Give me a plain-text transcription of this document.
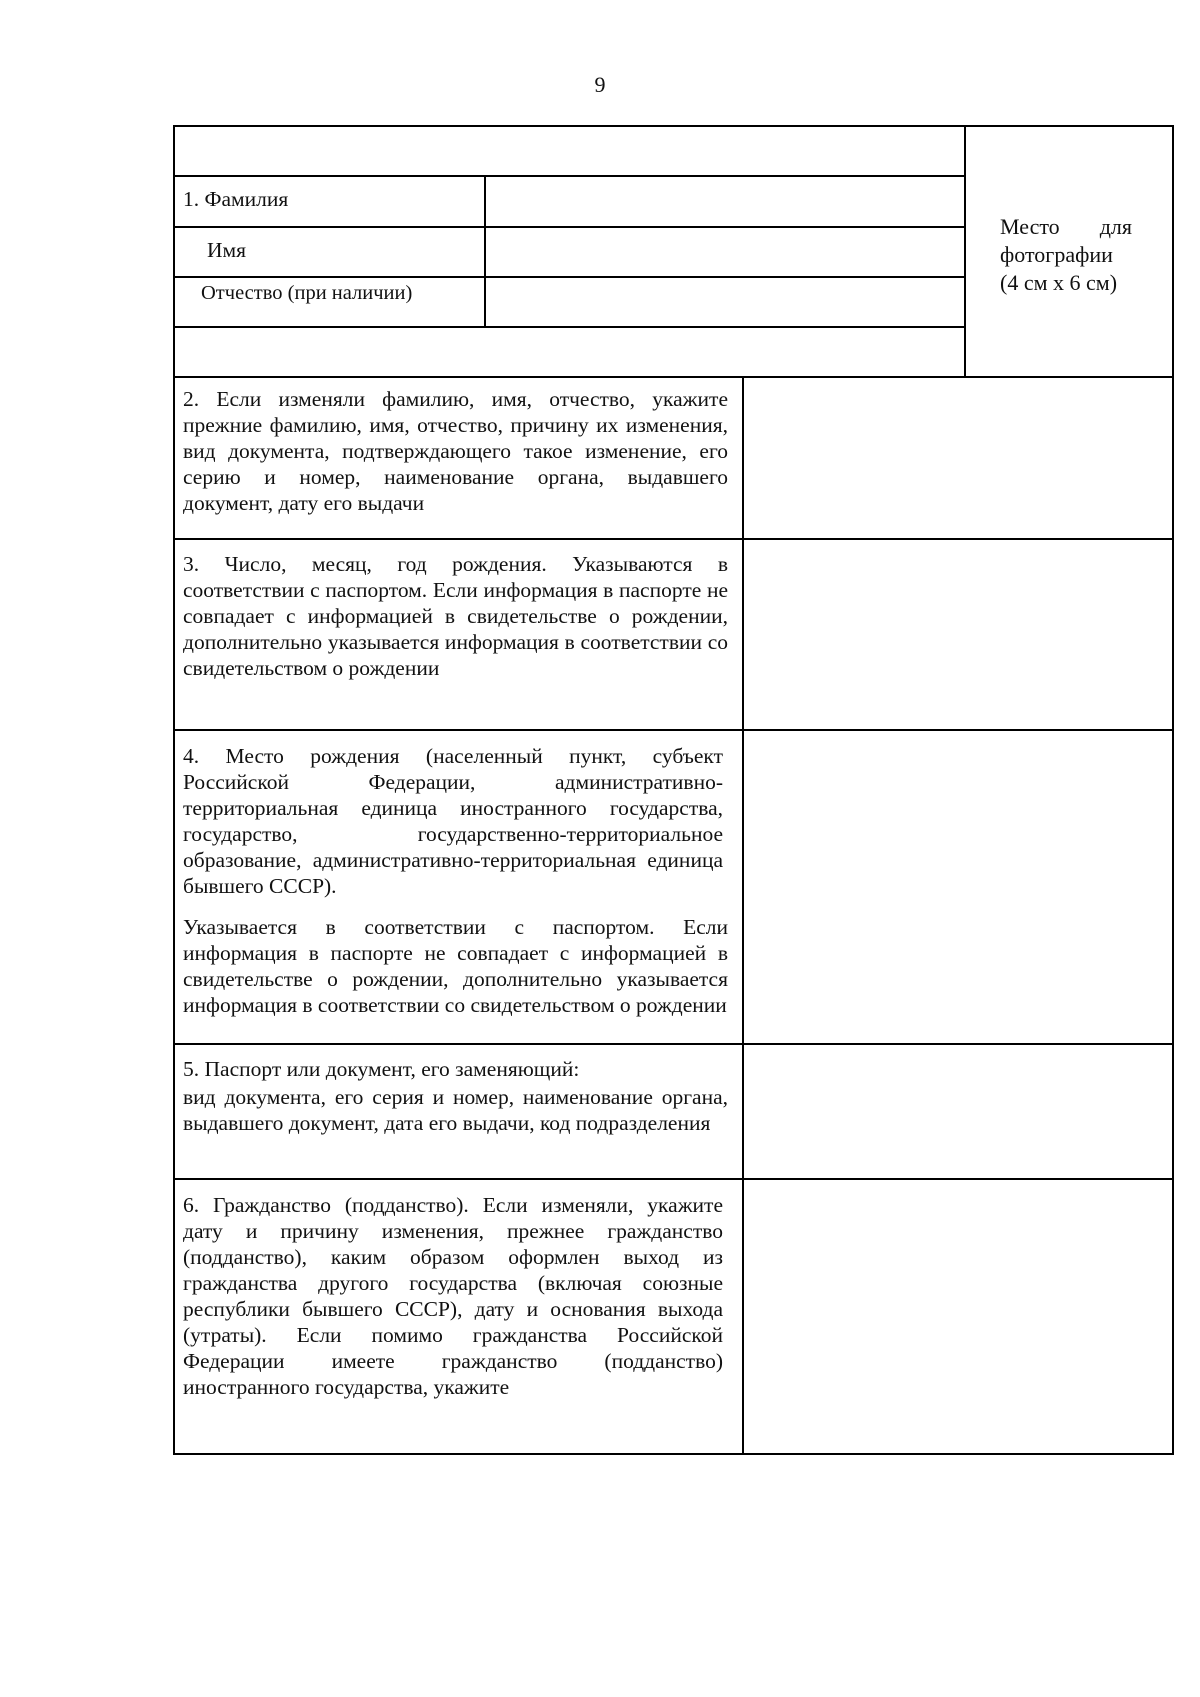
9
Место для фотографии (4 см х 6 см)
1. Фамилия
Имя
Отчество (при наличии)
2. Если изменяли фамилию, имя, отчество, укажите прежние фамилию, имя, отчество, причину их изменения, вид документа, подтверждающего такое изменение, его серию и номер, наименование органа, выдавшего документ, дату его выдачи
3. Число, месяц, год рождения. Указываются в соответствии с паспортом. Если информация в паспорте не совпадает с информацией в свидетельстве о рождении, дополнительно указывается информация в соответствии со свидетельством о рождении
4. Место рождения (населенный пункт, субъект Российской Федерации, административно-территориальная единица иностранного государства, государство, государственно-территориальное образование, административно-территориальная единица бывшего СССР).
Указывается в соответствии с паспортом. Если информация в паспорте не совпадает с информацией в свидетельстве о рождении, дополнительно указывается информация в соответствии со свидетельством о рождении
5. Паспорт или документ, его заменяющий:
вид документа, его серия и номер, наименование органа, выдавшего документ, дата его выдачи, код подразделения
6. Гражданство (подданство). Если изменяли, укажите дату и причину изменения, прежнее гражданство (подданство), каким образом оформлен выход из гражданства другого государства (включая союзные республики бывшего СССР), дату и основания выхода (утраты). Если помимо гражданства Российской Федерации имеете гражданство (подданство) иностранного государства, укажите
